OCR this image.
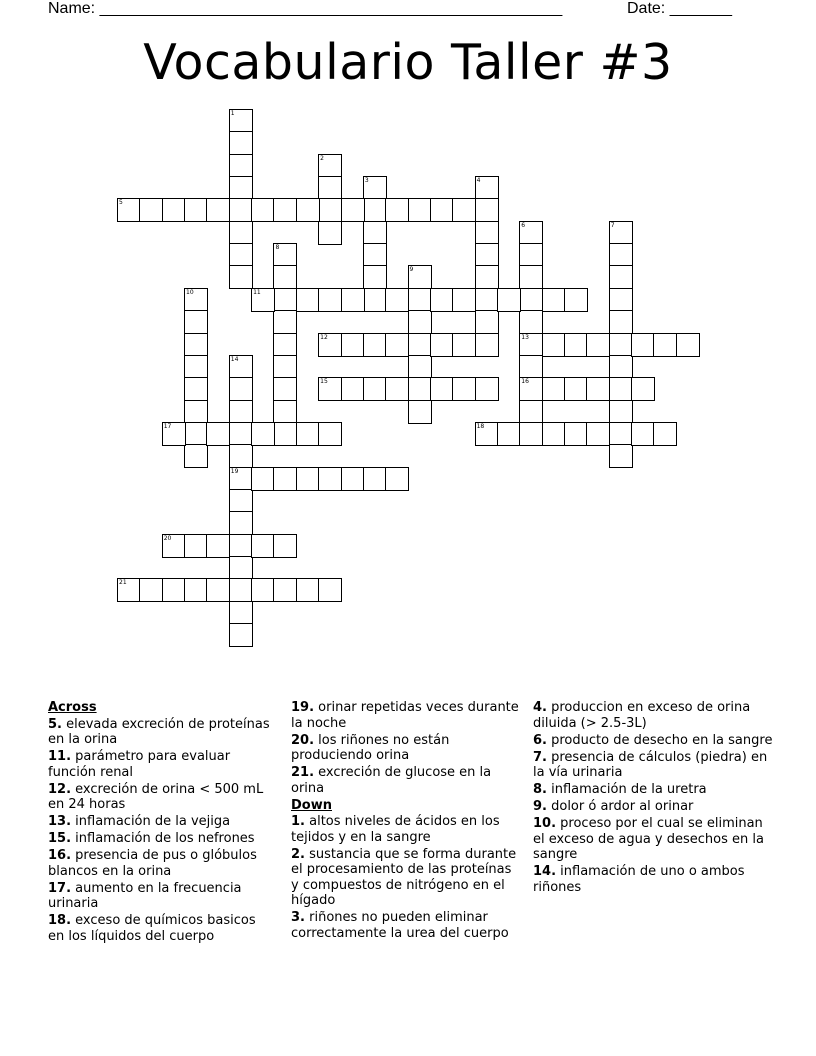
Name: ____________________________________________________	Date: _______
Vocabulario Taller #3
1
2
3	4
5
6
13
16
7
8
9
10	11
12
14
19
15
17	18
20
21

Across

5. elevada excreción de proteínas en la orina

11. parámetro para evaluar función renal

12. excreción de orina < 500 mL en 24 horas

13. inflamación de la vejiga

15. inflamación de los nefrones

16. presencia de pus o glóbulos blancos en la orina

17. aumento en la frecuencia urinaria

18. exceso de químicos basicos en los líquidos del cuerpo

19. orinar repetidas veces durante la noche

20. los riñones no están produciendo orina

21. excreción de glucose en la orina

Down

1. altos niveles de ácidos en los tejidos y en la sangre

2. sustancia que se forma durante el procesamiento de las proteínas y compuestos de nitrógeno en el hígado

3. riñones no pueden eliminar correctamente la urea del cuerpo

4. produccion en exceso de orina diluida (> 2.5-3L)

6. producto de desecho en la sangre

7. presencia de cálculos (piedra) en la vía urinaria

8. inflamación de la uretra

9. dolor ó ardor al orinar

10. proceso por el cual se eliminan el exceso de agua y desechos en la sangre

14. inflamación de uno o ambos riñones
